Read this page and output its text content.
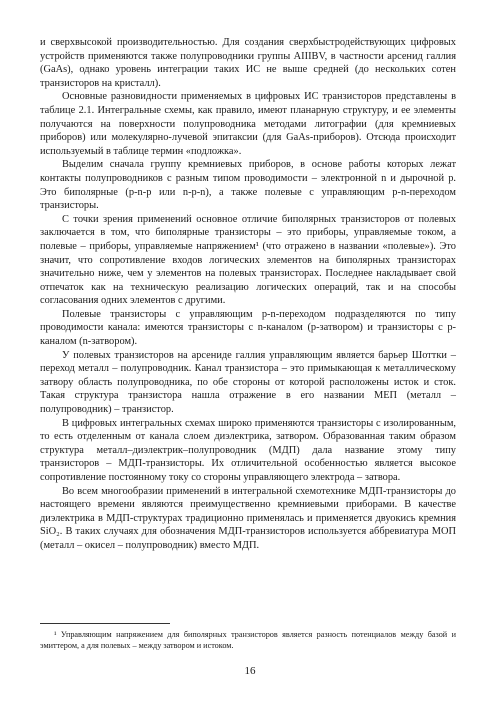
и сверхвысокой производительностью. Для создания сверхбыстродействующих цифровых устройств применяются также полупроводники группы AIIIBV, в частности арсенид галлия (GaAs), однако уровень интеграции таких ИС не выше средней (до нескольких сотен транзисторов на кристалл).

Основные разновидности применяемых в цифровых ИС транзисторов представлены в таблице 2.1. Интегральные схемы, как правило, имеют планарную структуру, и ее элементы получаются на поверхности полупроводника методами литографии (для кремниевых приборов) или молекулярно-лучевой эпитаксии (для GaAs-приборов). Отсюда происходит используемый в таблице термин «подложка».

Выделим сначала группу кремниевых приборов, в основе работы которых лежат контакты полупроводников с разным типом проводимости – электронной n и дырочной p. Это биполярные (p-n-p или n-p-n), а также полевые с управляющим p-n-переходом транзисторы.

С точки зрения применений основное отличие биполярных транзисторов от полевых заключается в том, что биполярные транзисторы – это приборы, управляемые током, а полевые – приборы, управляемые напряжением¹ (что отражено в названии «полевые»). Это значит, что сопротивление входов логических элементов на биполярных транзисторах значительно ниже, чем у элементов на полевых транзисторах. Последнее накладывает свой отпечаток как на техническую реализацию логических операций, так и на способы согласования одних элементов с другими.

Полевые транзисторы с управляющим p-n-переходом подразделяются по типу проводимости канала: имеются транзисторы с n-каналом (p-затвором) и транзисторы с p-каналом (n-затвором).

У полевых транзисторов на арсениде галлия управляющим является барьер Шоттки – переход металл – полупроводник. Канал транзистора – это примыкающая к металлическому затвору область полупроводника, по обе стороны от которой расположены исток и сток. Такая структура транзистора нашла отражение в его названии МЕП (металл – полупроводник) – транзистор.

В цифровых интегральных схемах широко применяются транзисторы с изолированным, то есть отделенным от канала слоем диэлектрика, затвором. Образованная таким образом структура металл–диэлектрик–полупроводник (МДП) дала название этому типу транзисторов – МДП-транзисторы. Их отличительной особенностью является высокое сопротивление постоянному току со стороны управляющего электрода – затвора.

Во всем многообразии применений в интегральной схемотехнике МДП-транзисторы до настоящего времени являются преимущественно кремниевыми приборами. В качестве диэлектрика в МДП-структурах традиционно применялась и применяется двуокись кремния SiO₂. В таких случаях для обозначения МДП-транзисторов используется аббревиатура МОП (металл – окисел – полупроводник) вместо МДП.

¹ Управляющим напряжением для биполярных транзисторов является разность потенциалов между базой и эмиттером, а для полевых – между затвором и истоком.
16
